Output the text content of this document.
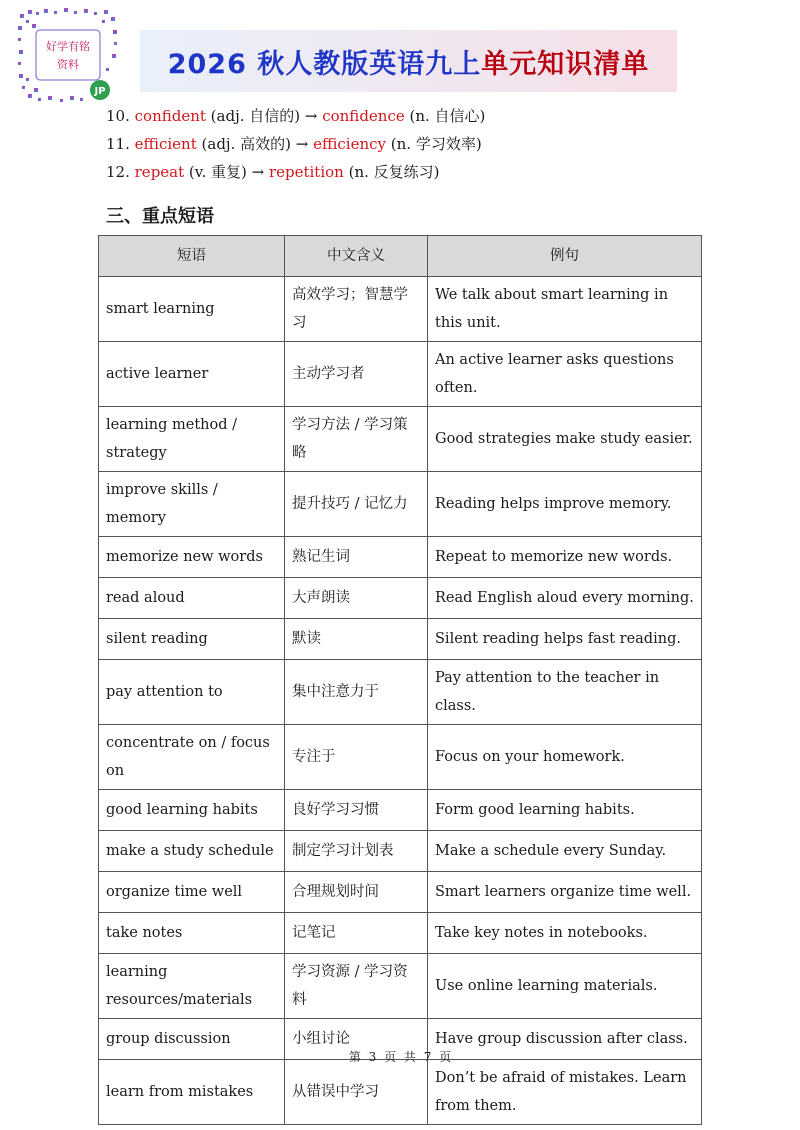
好学有铭
资料
JP
2026 秋人教版 英语九上 单元知识清单
10. confident (adj. 自信的) → confidence (n. 自信心)
11. efficient (adj. 高效的) → efficiency (n. 学习效率)
12. repeat (v. 重复) → repetition (n. 反复练习)
三、重点短语
短语	中文含义	例句
smart learning	高效学习；智慧学习	We talk about smart learning in this unit.
active learner	主动学习者	An active learner asks questions often.
learning method / strategy	学习方法 / 学习策略	Good strategies make study easier.
improve skills / memory	提升技巧 / 记忆力	Reading helps improve memory.
memorize new words	熟记生词	Repeat to memorize new words.
read aloud	大声朗读	Read English aloud every morning.
silent reading	默读	Silent reading helps fast reading.
pay attention to	集中注意力于	Pay attention to the teacher in class.
concentrate on / focus on	专注于	Focus on your homework.
good learning habits	良好学习习惯	Form good learning habits.
make a study schedule	制定学习计划表	Make a schedule every Sunday.
organize time well	合理规划时间	Smart learners organize time well.
take notes	记笔记	Take key notes in notebooks.
learning resources/materials	学习资源 / 学习资料	Use online learning materials.
group discussion	小组讨论	Have group discussion after class.
learn from mistakes	从错误中学习	Don’t be afraid of mistakes. Learn from them.
第 3 页 共 7 页
